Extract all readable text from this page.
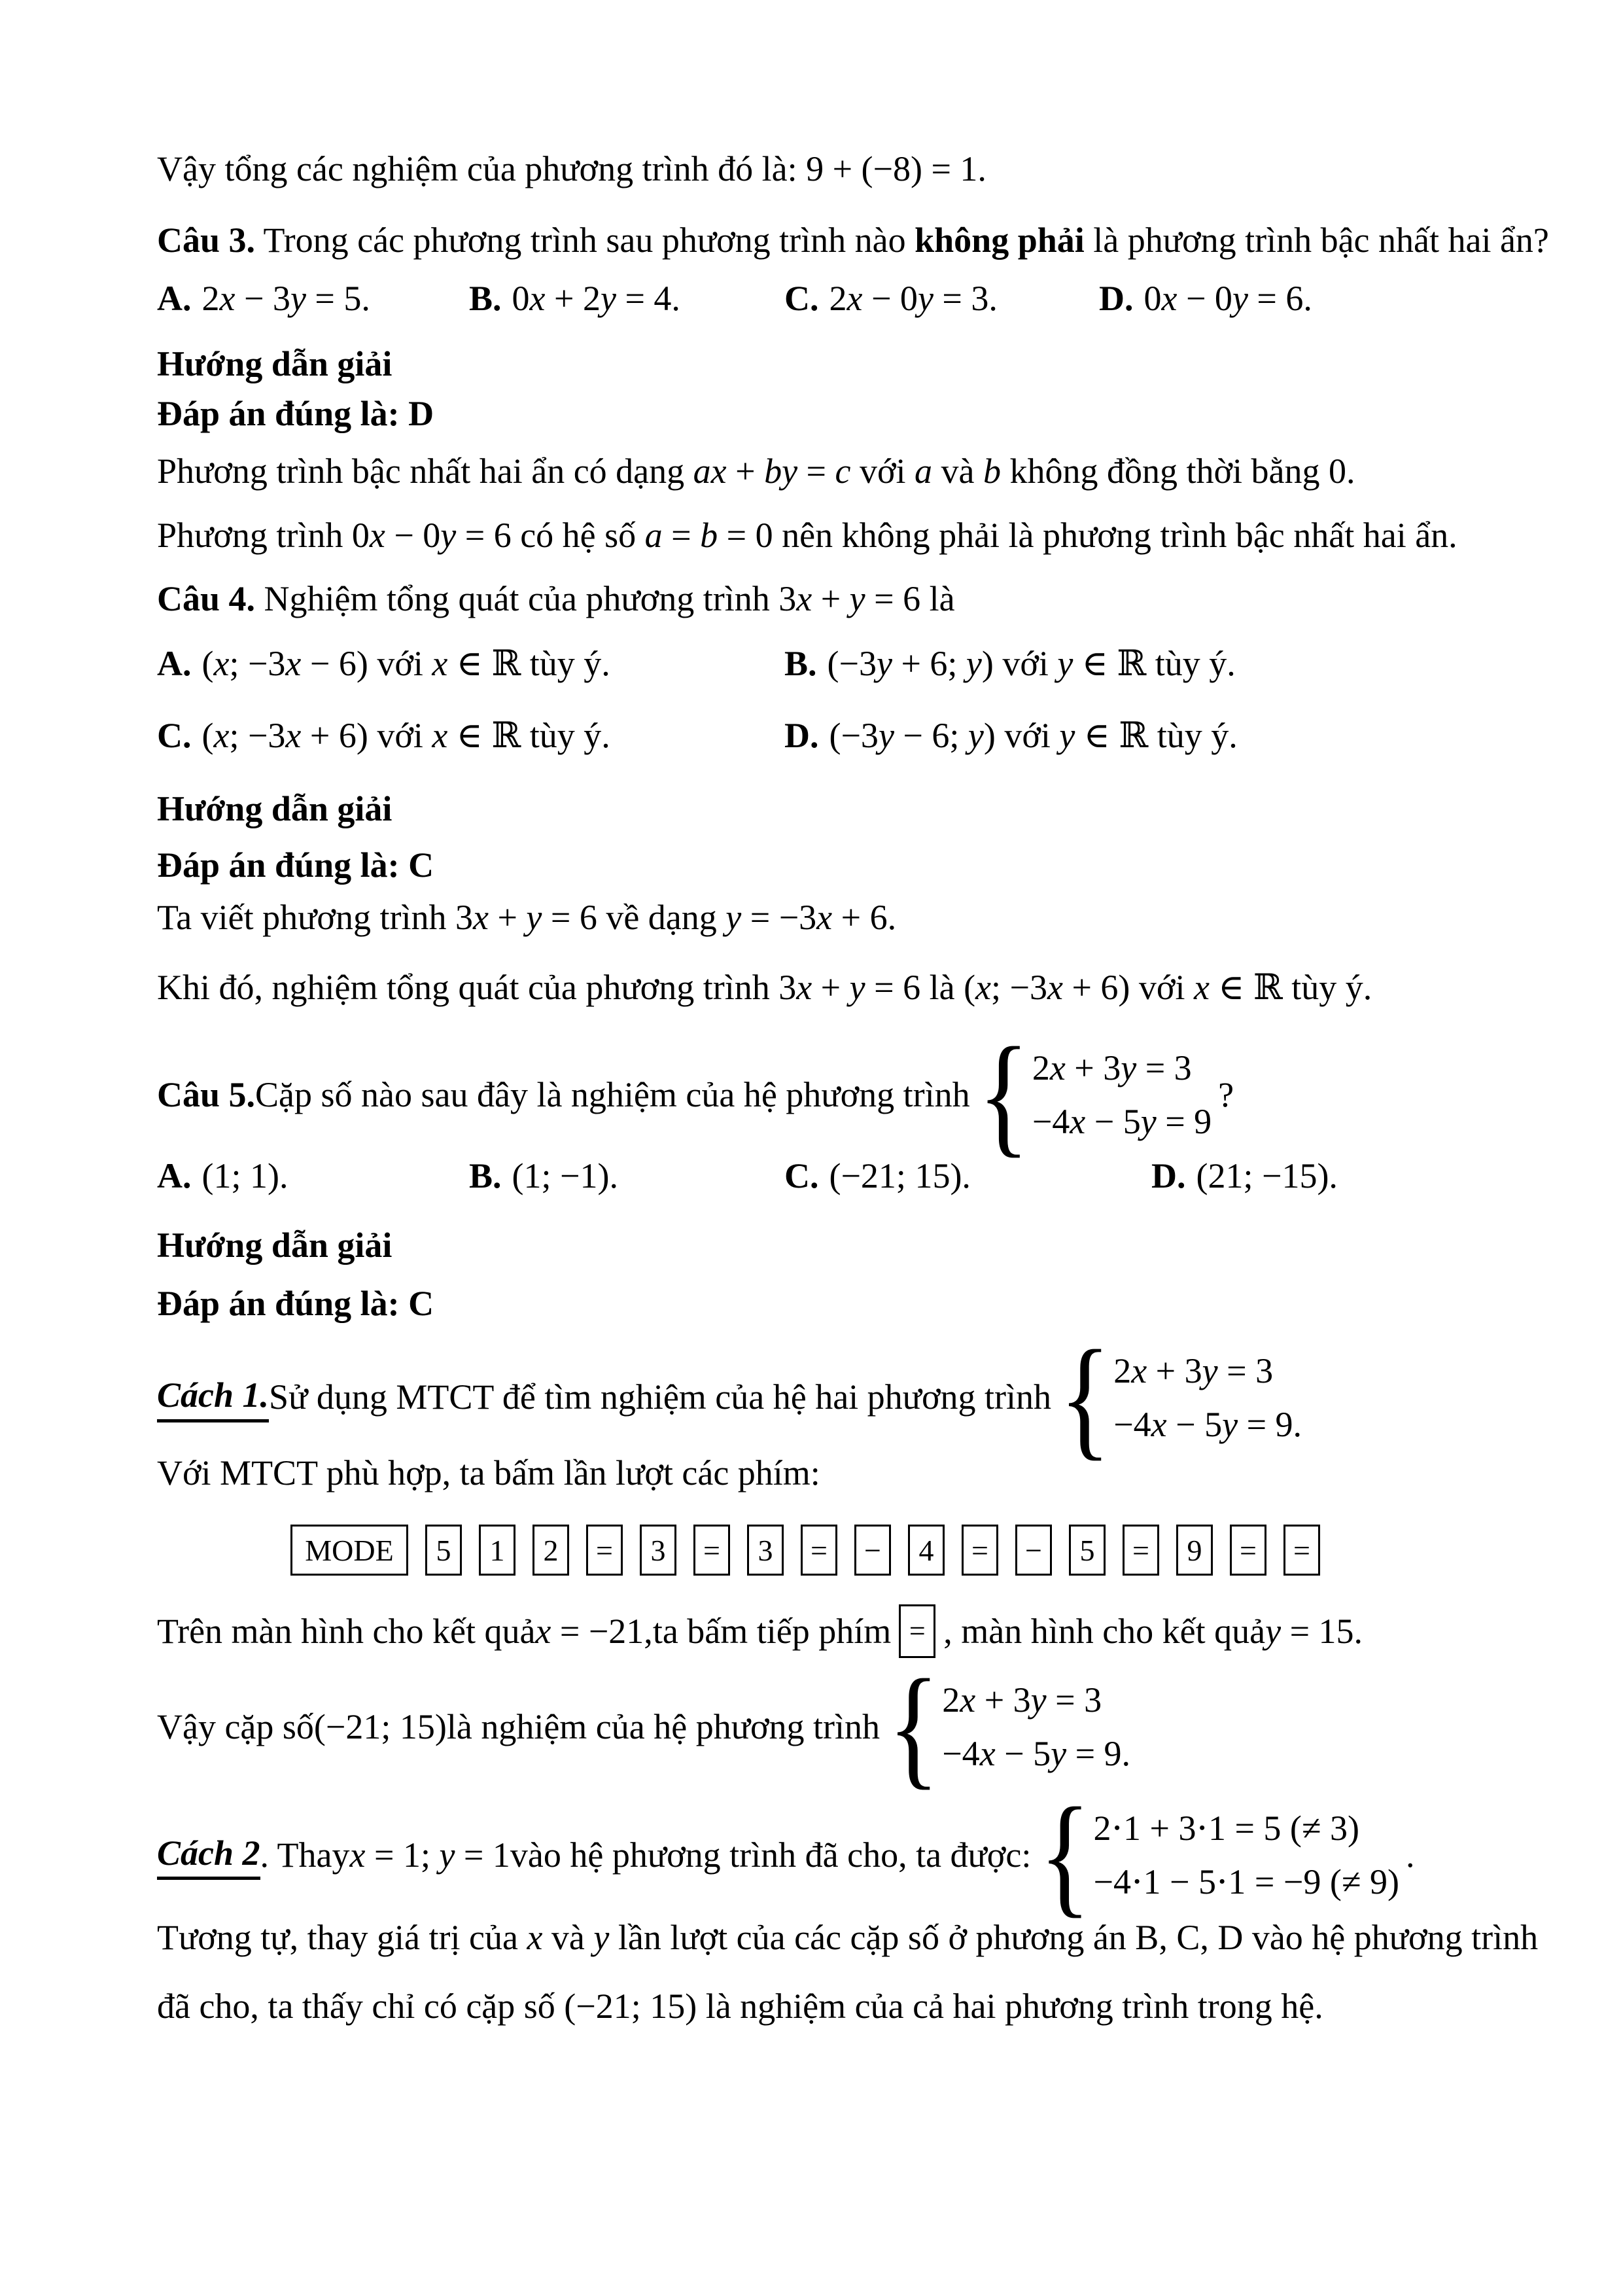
Vậy tổng các nghiệm của phương trình đó là: 9 + (−8) = 1.
Câu 3. Trong các phương trình sau phương trình nào không phải là phương trình bậc nhất hai ẩn?
A. 2x − 3y = 5.	B. 0x + 2y = 4.	C. 2x − 0y = 3.	D. 0x − 0y = 6.
Hướng dẫn giải
Đáp án đúng là: D
Phương trình bậc nhất hai ẩn có dạng ax + by = c với a và b không đồng thời bằng 0.
Phương trình 0x − 0y = 6 có hệ số a = b = 0 nên không phải là phương trình bậc nhất hai ẩn.
Câu 4. Nghiệm tổng quát của phương trình 3x + y = 6 là
A. (x; −3x − 6) với x ∈ ℝ tùy ý.	B. (−3y + 6; y) với y ∈ ℝ tùy ý.
C. (x; −3x + 6) với x ∈ ℝ tùy ý.	D. (−3y − 6; y) với y ∈ ℝ tùy ý.
Hướng dẫn giải
Đáp án đúng là: C
Ta viết phương trình 3x + y = 6 về dạng y = −3x + 6.
Khi đó, nghiệm tổng quát của phương trình 3x + y = 6 là (x; −3x + 6) với x ∈ ℝ tùy ý.
Câu 5. Cặp số nào sau đây là nghiệm của hệ phương trình { 2x + 3y = 3
−4x − 5y = 9
?
A. (1; 1).	B. (1; −1).	C. (−21; 15).	D. (21; −15).
Hướng dẫn giải
Đáp án đúng là: C
Cách 1. Sử dụng MTCT để tìm nghiệm của hệ hai phương trình { 2x + 3y = 3
−4x − 5y = 9.
Với MTCT phù hợp, ta bấm lần lượt các phím:
MODE	5	1	2	=	3	=	3	=	−	4	=	−	5	=	9	=	=
Trên màn hình cho kết quả x = −21, ta bấm tiếp phím = , màn hình cho kết quả y = 15.
Vậy cặp số (−21; 15) là nghiệm của hệ phương trình { 2x + 3y = 3
−4x − 5y = 9.
Cách 2 . Thay x = 1; y = 1 vào hệ phương trình đã cho, ta được: { 2⋅1 + 3⋅1 = 5 (≠ 3)
−4⋅1 − 5⋅1 = −9 (≠ 9)
.
Tương tự, thay giá trị của x và y lần lượt của các cặp số ở phương án B, C, D vào hệ phương trình
đã cho, ta thấy chỉ có cặp số (−21; 15) là nghiệm của cả hai phương trình trong hệ.
